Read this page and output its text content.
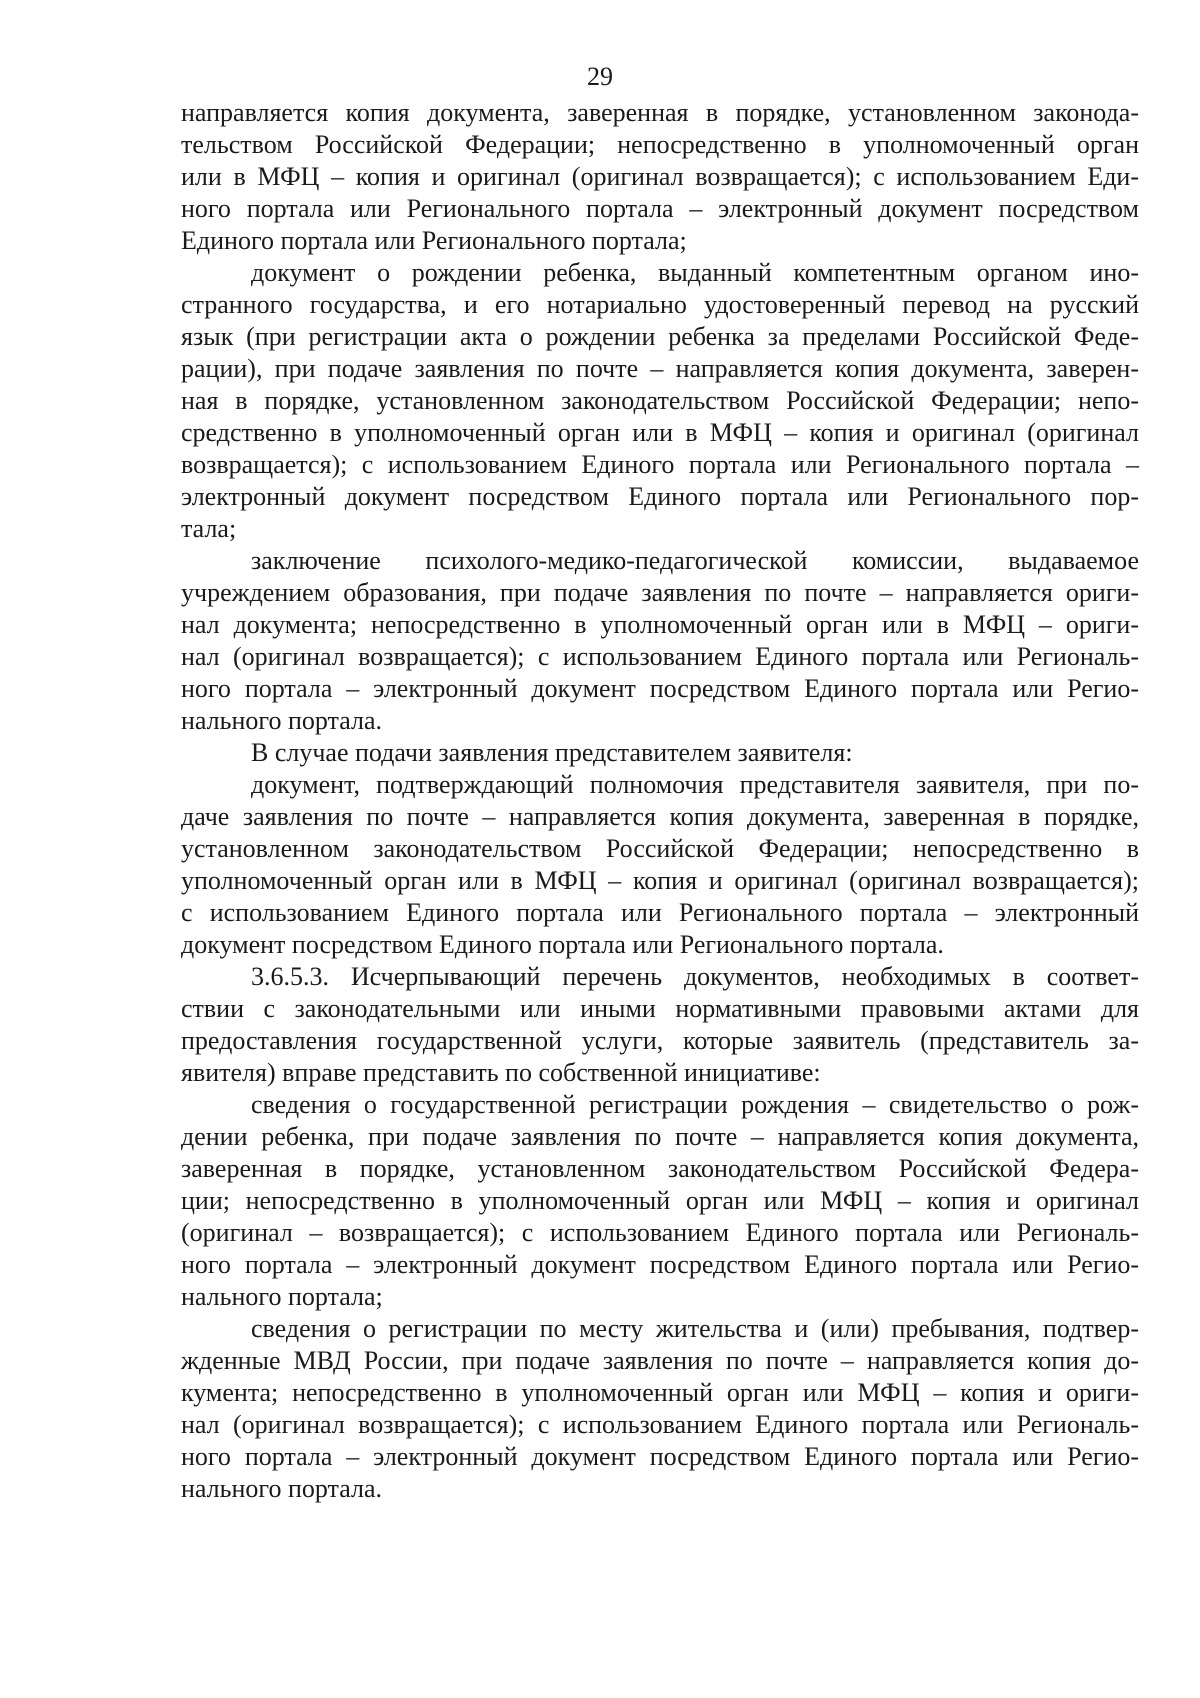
29
направляется копия документа, заверенная в порядке, установленном законода-
тельством Российской Федерации; непосредственно в уполномоченный орган
или в МФЦ – копия и оригинал (оригинал возвращается); с использованием Еди-
ного портала или Регионального портала – электронный документ посредством
Единого портала или Регионального портала;
документ о рождении ребенка, выданный компетентным органом ино-
странного государства, и его нотариально удостоверенный перевод на русский
язык (при регистрации акта о рождении ребенка за пределами Российской Феде-
рации), при подаче заявления по почте – направляется копия документа, заверен-
ная в порядке, установленном законодательством Российской Федерации; непо-
средственно в уполномоченный орган или в МФЦ – копия и оригинал (оригинал
возвращается); с использованием Единого портала или Регионального портала –
электронный документ посредством Единого портала или Регионального пор-
тала;
заключение психолого-медико-педагогической комиссии, выдаваемое
учреждением образования, при подаче заявления по почте – направляется ориги-
нал документа; непосредственно в уполномоченный орган или в МФЦ – ориги-
нал (оригинал возвращается); с использованием Единого портала или Региональ-
ного портала – электронный документ посредством Единого портала или Регио-
нального портала.
В случае подачи заявления представителем заявителя:
документ, подтверждающий полномочия представителя заявителя, при по-
даче заявления по почте – направляется копия документа, заверенная в порядке,
установленном законодательством Российской Федерации; непосредственно в
уполномоченный орган или в МФЦ – копия и оригинал (оригинал возвращается);
с использованием Единого портала или Регионального портала – электронный
документ посредством Единого портала или Регионального портала.
3.6.5.3. Исчерпывающий перечень документов, необходимых в соответ-
ствии с законодательными или иными нормативными правовыми актами для
предоставления государственной услуги, которые заявитель (представитель за-
явителя) вправе представить по собственной инициативе:
сведения о государственной регистрации рождения – свидетельство о рож-
дении ребенка, при подаче заявления по почте – направляется копия документа,
заверенная в порядке, установленном законодательством Российской Федера-
ции; непосредственно в уполномоченный орган или МФЦ – копия и оригинал
(оригинал – возвращается); с использованием Единого портала или Региональ-
ного портала – электронный документ посредством Единого портала или Регио-
нального портала;
сведения о регистрации по месту жительства и (или) пребывания, подтвер-
жденные МВД России, при подаче заявления по почте – направляется копия до-
кумента; непосредственно в уполномоченный орган или МФЦ – копия и ориги-
нал (оригинал возвращается); с использованием Единого портала или Региональ-
ного портала – электронный документ посредством Единого портала или Регио-
нального портала.
